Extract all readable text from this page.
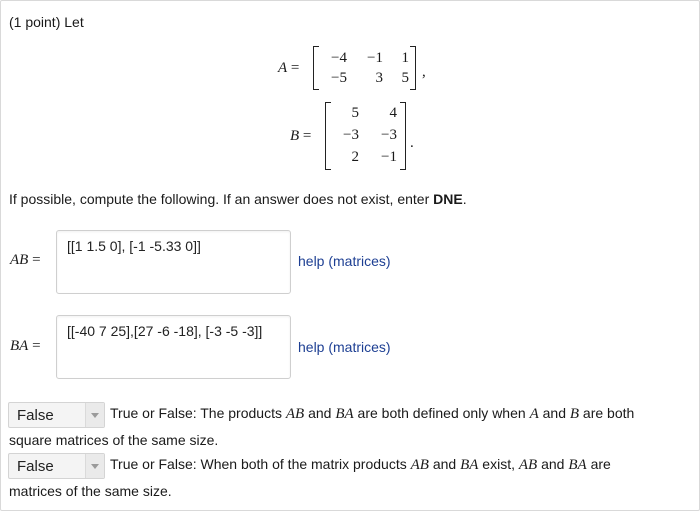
(1 point) Let
A =
−4	−1	1
−5	3	5 ,
B =
5	4
−3	−3
2	−1
.
If possible, compute the following. If an answer does not exist, enter DNE.
AB =
[[1 1.5 0], [-1 -5.33 0]]
help (matrices)
BA =
[[-40 7 25],[27 -6 -18], [-3 -5 -3]]
help (matrices)
False	True or False: The products AB and BA are both defined only when A and B are both
square matrices of the same size.
False	True or False: When both of the matrix products AB and BA exist, AB and BA are
matrices of the same size.
